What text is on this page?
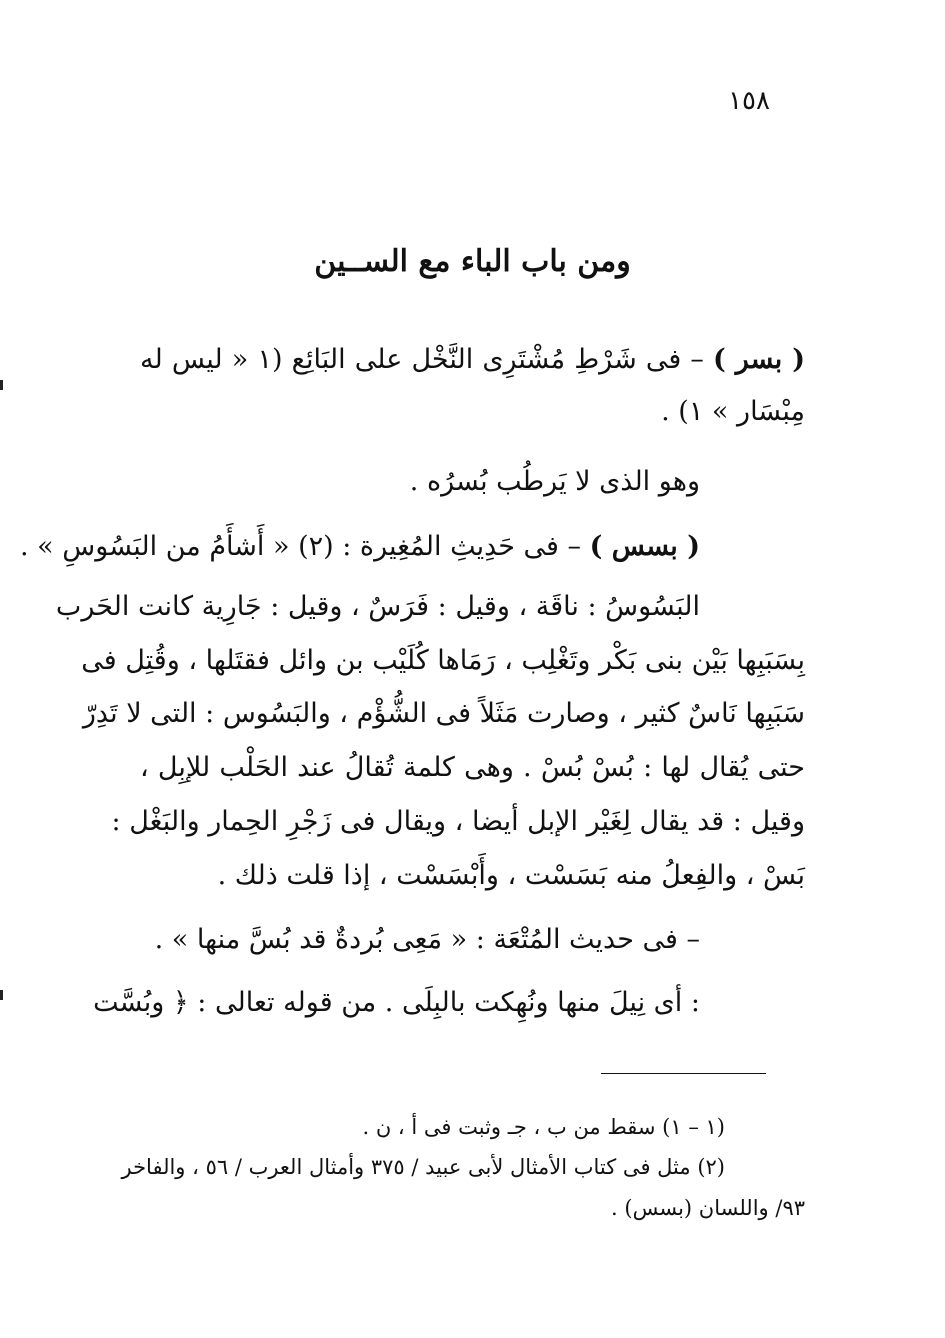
١٥٨
ومن باب الباء مع الســين
( بسر ) – فى شَرْطِ مُشْتَرِى النَّخْل على البَائِع (١ « ليس له
مِبْسَار » ١) .
وهو الذى لا يَرطُب بُسرُه .
( بسس ) – فى حَدِيثِ المُغِيرة : (٢) « أَشأَمُ من البَسُوسِ » .
البَسُوسُ : ناقَة ، وقيل : فَرَسٌ ، وقيل : جَارِية كانت الحَرب
بِسَبَبِها بَيْن بنى بَكْر وتَغْلِب ، رَمَاها كُلَيْب بن وائل فقتَلها ، وقُتِل فى
سَبَبِها نَاسٌ كثير ، وصارت مَثَلاً فى الشُّؤْم ، والبَسُوس : التى لا تَدِرّ
حتى يُقال لها : بُسْ بُسْ . وهى كلمة تُقالُ عند الحَلْب للإبِل ،
وقيل : قد يقال لِغَيْر الإبل أيضا ، ويقال فى زَجْرِ الحِمار والبَغْل :
بَسْ ، والفِعلُ منه بَسَسْت ، وأَبْسَسْت ، إذا قلت ذلك .
– فى حديث المُتْعَة : « مَعِى بُردةٌ قد بُسَّ منها » .
: أى نِيلَ منها ونُهِكت بالبِلَى . من قوله تعالى : ﴿ وبُسَّت
(١ – ١) سقط من ب ، جـ وثبت فى أ ، ن .
(٢) مثل فى كتاب الأمثال لأبى عبيد / ٣٧٥ وأمثال العرب / ٥٦ ، والفاخر
٩٣/ واللسان (بسس) .
